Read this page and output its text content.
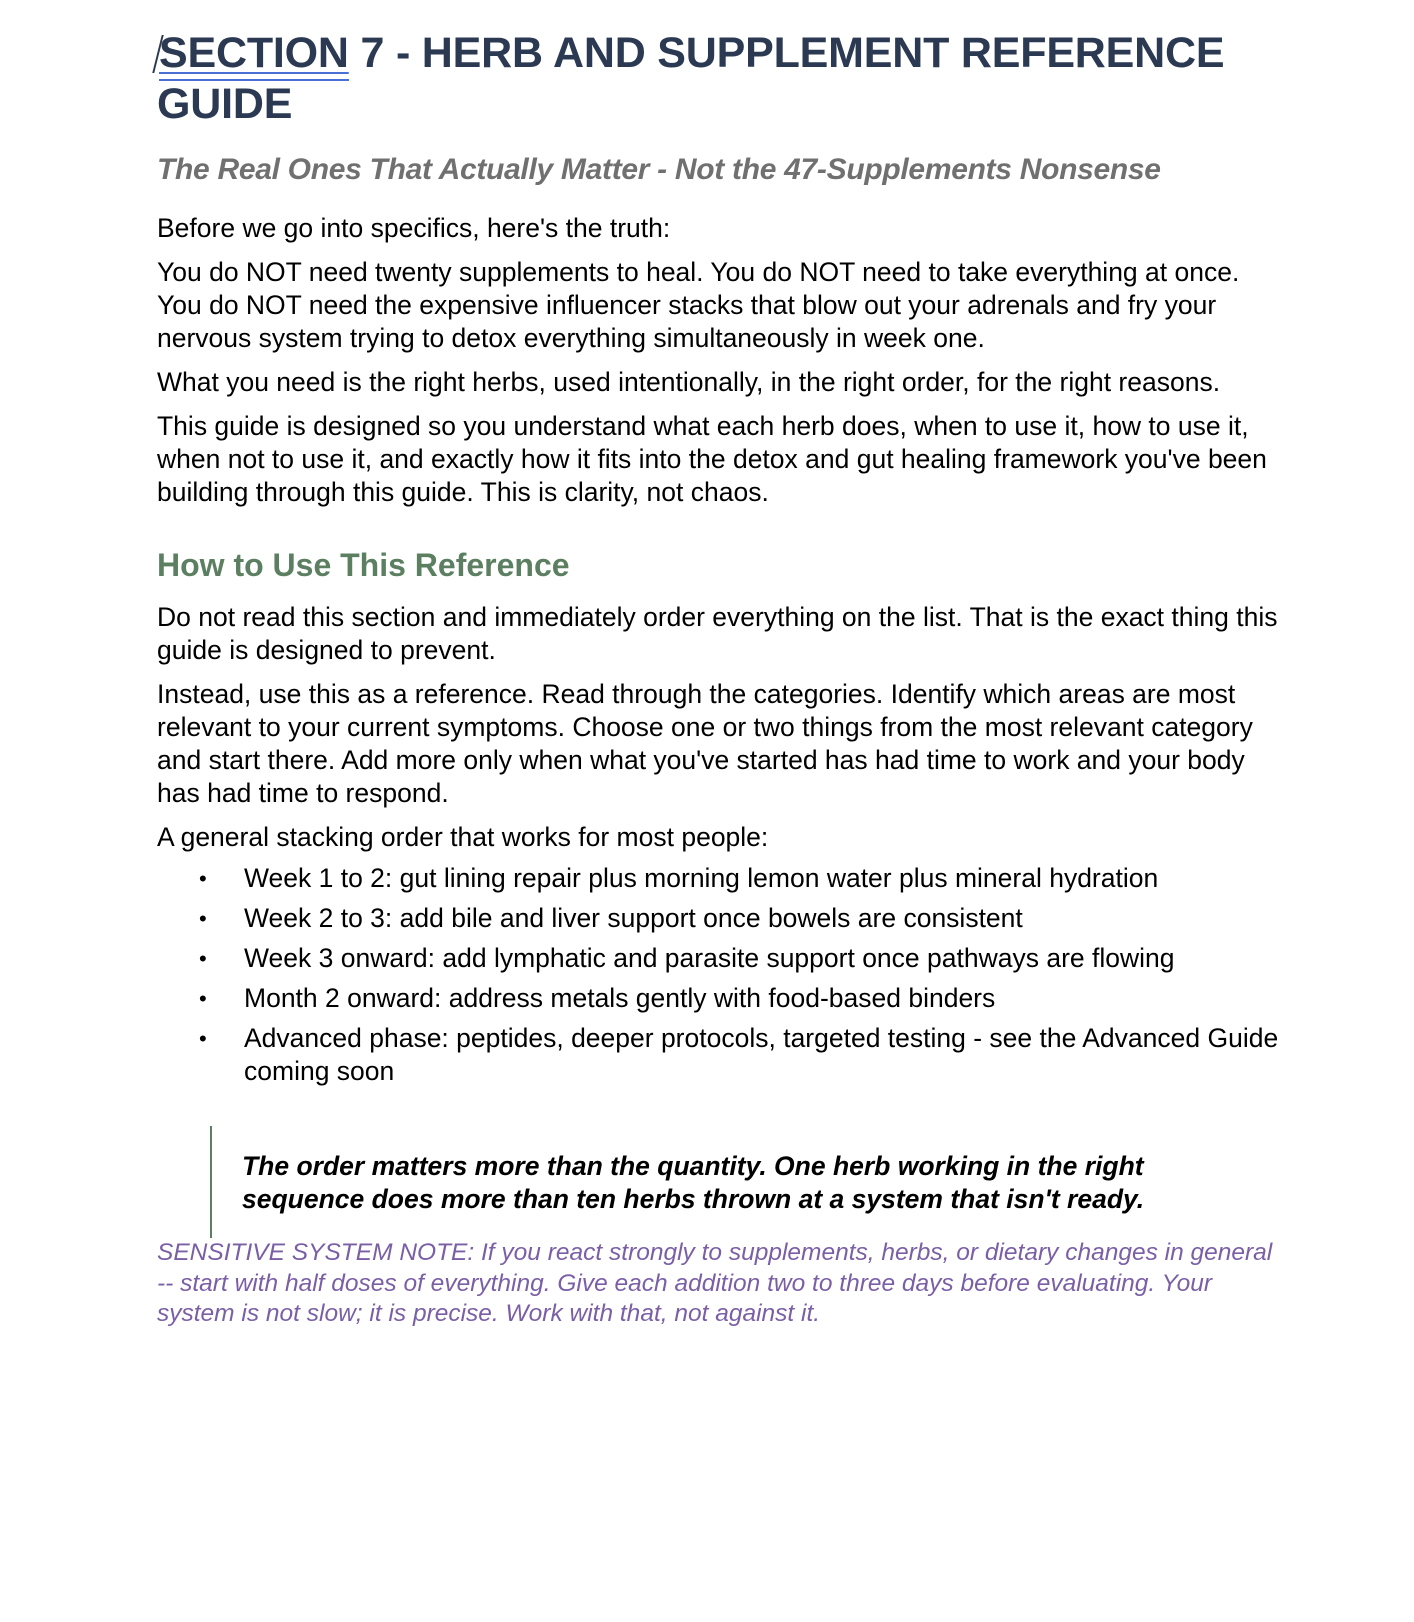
SECTION 7 - HERB AND SUPPLEMENT REFERENCE GUIDE
The Real Ones That Actually Matter - Not the 47-Supplements Nonsense

Before we go into specifics, here's the truth:

You do NOT need twenty supplements to heal. You do NOT need to take everything at once. You do NOT need the expensive influencer stacks that blow out your adrenals and fry your nervous system trying to detox everything simultaneously in week one.

What you need is the right herbs, used intentionally, in the right order, for the right reasons.

This guide is designed so you understand what each herb does, when to use it, how to use it, when not to use it, and exactly how it fits into the detox and gut healing framework you've been building through this guide. This is clarity, not chaos.

How to Use This Reference

Do not read this section and immediately order everything on the list. That is the exact thing this guide is designed to prevent.

Instead, use this as a reference. Read through the categories. Identify which areas are most relevant to your current symptoms. Choose one or two things from the most relevant category and start there. Add more only when what you've started has had time to work and your body has had time to respond.

A general stacking order that works for most people:

• Week 1 to 2: gut lining repair plus morning lemon water plus mineral hydration
• Week 2 to 3: add bile and liver support once bowels are consistent
• Week 3 onward: add lymphatic and parasite support once pathways are flowing
• Month 2 onward: address metals gently with food-based binders
• Advanced phase: peptides, deeper protocols, targeted testing - see the Advanced Guide coming soon

The order matters more than the quantity. One herb working in the right sequence does more than ten herbs thrown at a system that isn't ready.

SENSITIVE SYSTEM NOTE: If you react strongly to supplements, herbs, or dietary changes in general -- start with half doses of everything. Give each addition two to three days before evaluating. Your system is not slow; it is precise. Work with that, not against it.
